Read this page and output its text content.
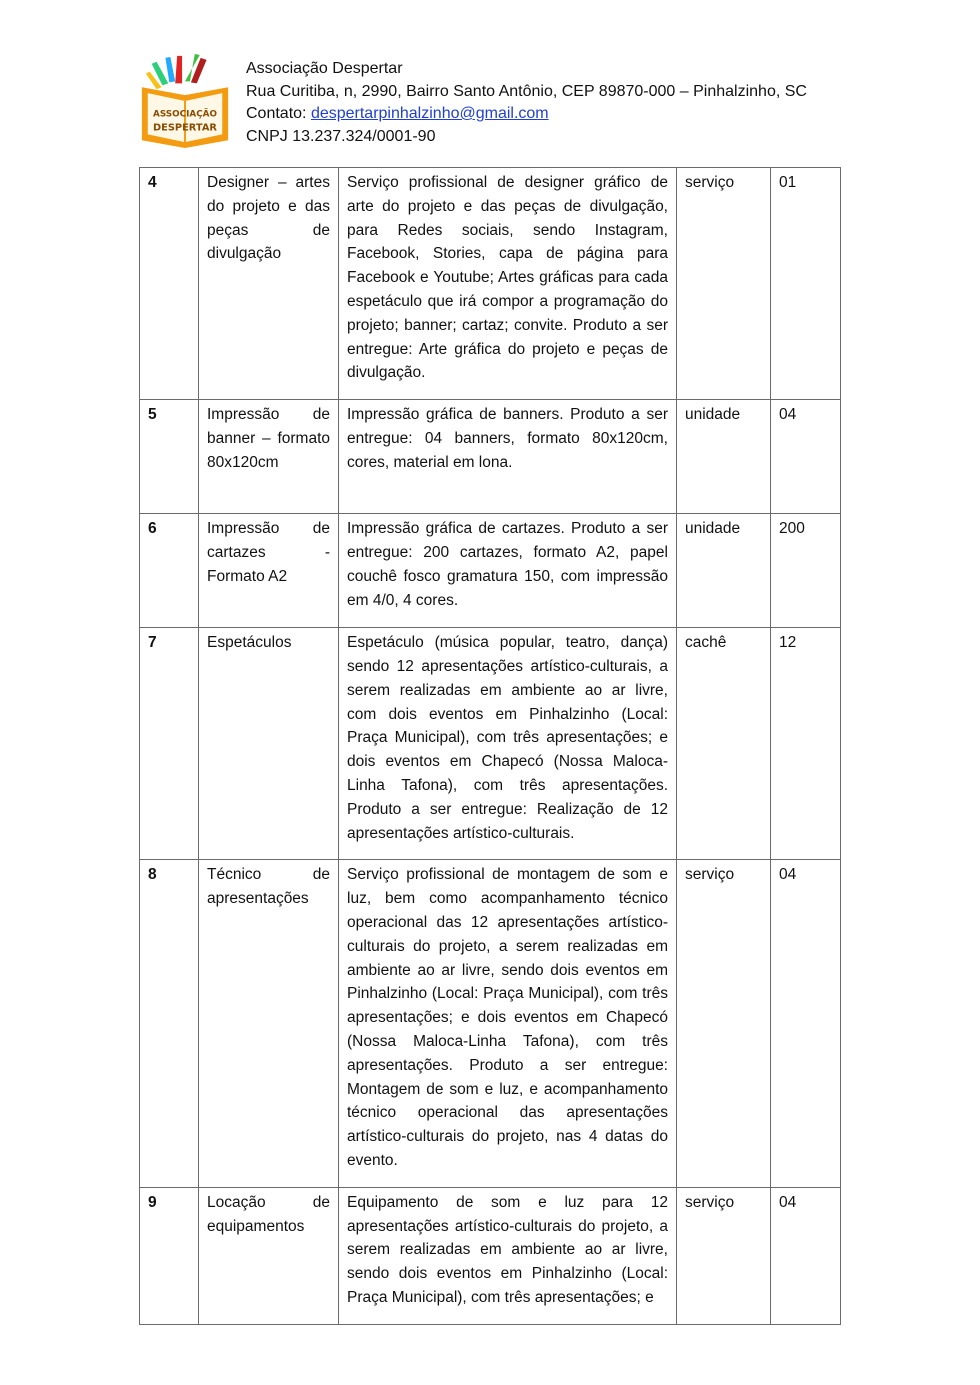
ASSOCIAÇÃO
DESPERTAR
Associação Despertar
Rua Curitiba, n, 2990, Bairro Santo Antônio, CEP 89870-000 – Pinhalzinho, SC
Contato: despertarpinhalzinho@gmail.com
CNPJ 13.237.324/0001-90
4	Designer – artes do projeto e das peças de divulgação	Serviço profissional de designer gráfico de arte do projeto e das peças de divulgação, para Redes sociais, sendo Instagram, Facebook, Stories, capa de página para Facebook e Youtube; Artes gráficas para cada espetáculo que irá compor a programação do projeto; banner; cartaz; convite. Produto a ser entregue: Arte gráfica do projeto e peças de divulgação.	serviço	01
5	Impressão de banner – formato 80x120cm	Impressão gráfica de banners. Produto a ser entregue: 04 banners, formato 80x120cm, cores, material em lona.	unidade	04
6	Impressão de cartazes - Formato A2	Impressão gráfica de cartazes. Produto a ser entregue: 200 cartazes, formato A2, papel couchê fosco gramatura 150, com impressão em 4/0, 4 cores.	unidade	200
7	Espetáculos	Espetáculo (música popular, teatro, dança) sendo 12 apresentações artístico-culturais, a serem realizadas em ambiente ao ar livre, com dois eventos em Pinhalzinho (Local: Praça Municipal), com três apresentações; e dois eventos em Chapecó (Nossa Maloca-Linha Tafona), com três apresentações. Produto a ser entregue: Realização de 12 apresentações artístico-culturais.	cachê	12
8	Técnico de apresentações	Serviço profissional de montagem de som e luz, bem como acompanhamento técnico operacional das 12 apresentações artístico-culturais do projeto, a serem realizadas em ambiente ao ar livre, sendo dois eventos em Pinhalzinho (Local: Praça Municipal), com três apresentações; e dois eventos em Chapecó (Nossa Maloca-Linha Tafona), com três apresentações. Produto a ser entregue: Montagem de som e luz, e acompanhamento técnico operacional das apresentações artístico-culturais do projeto, nas 4 datas do evento.	serviço	04
9	Locação de equipamentos	Equipamento de som e luz para 12 apresentações artístico-culturais do projeto, a serem realizadas em ambiente ao ar livre, sendo dois eventos em Pinhalzinho (Local: Praça Municipal), com três apresentações; e	serviço	04
